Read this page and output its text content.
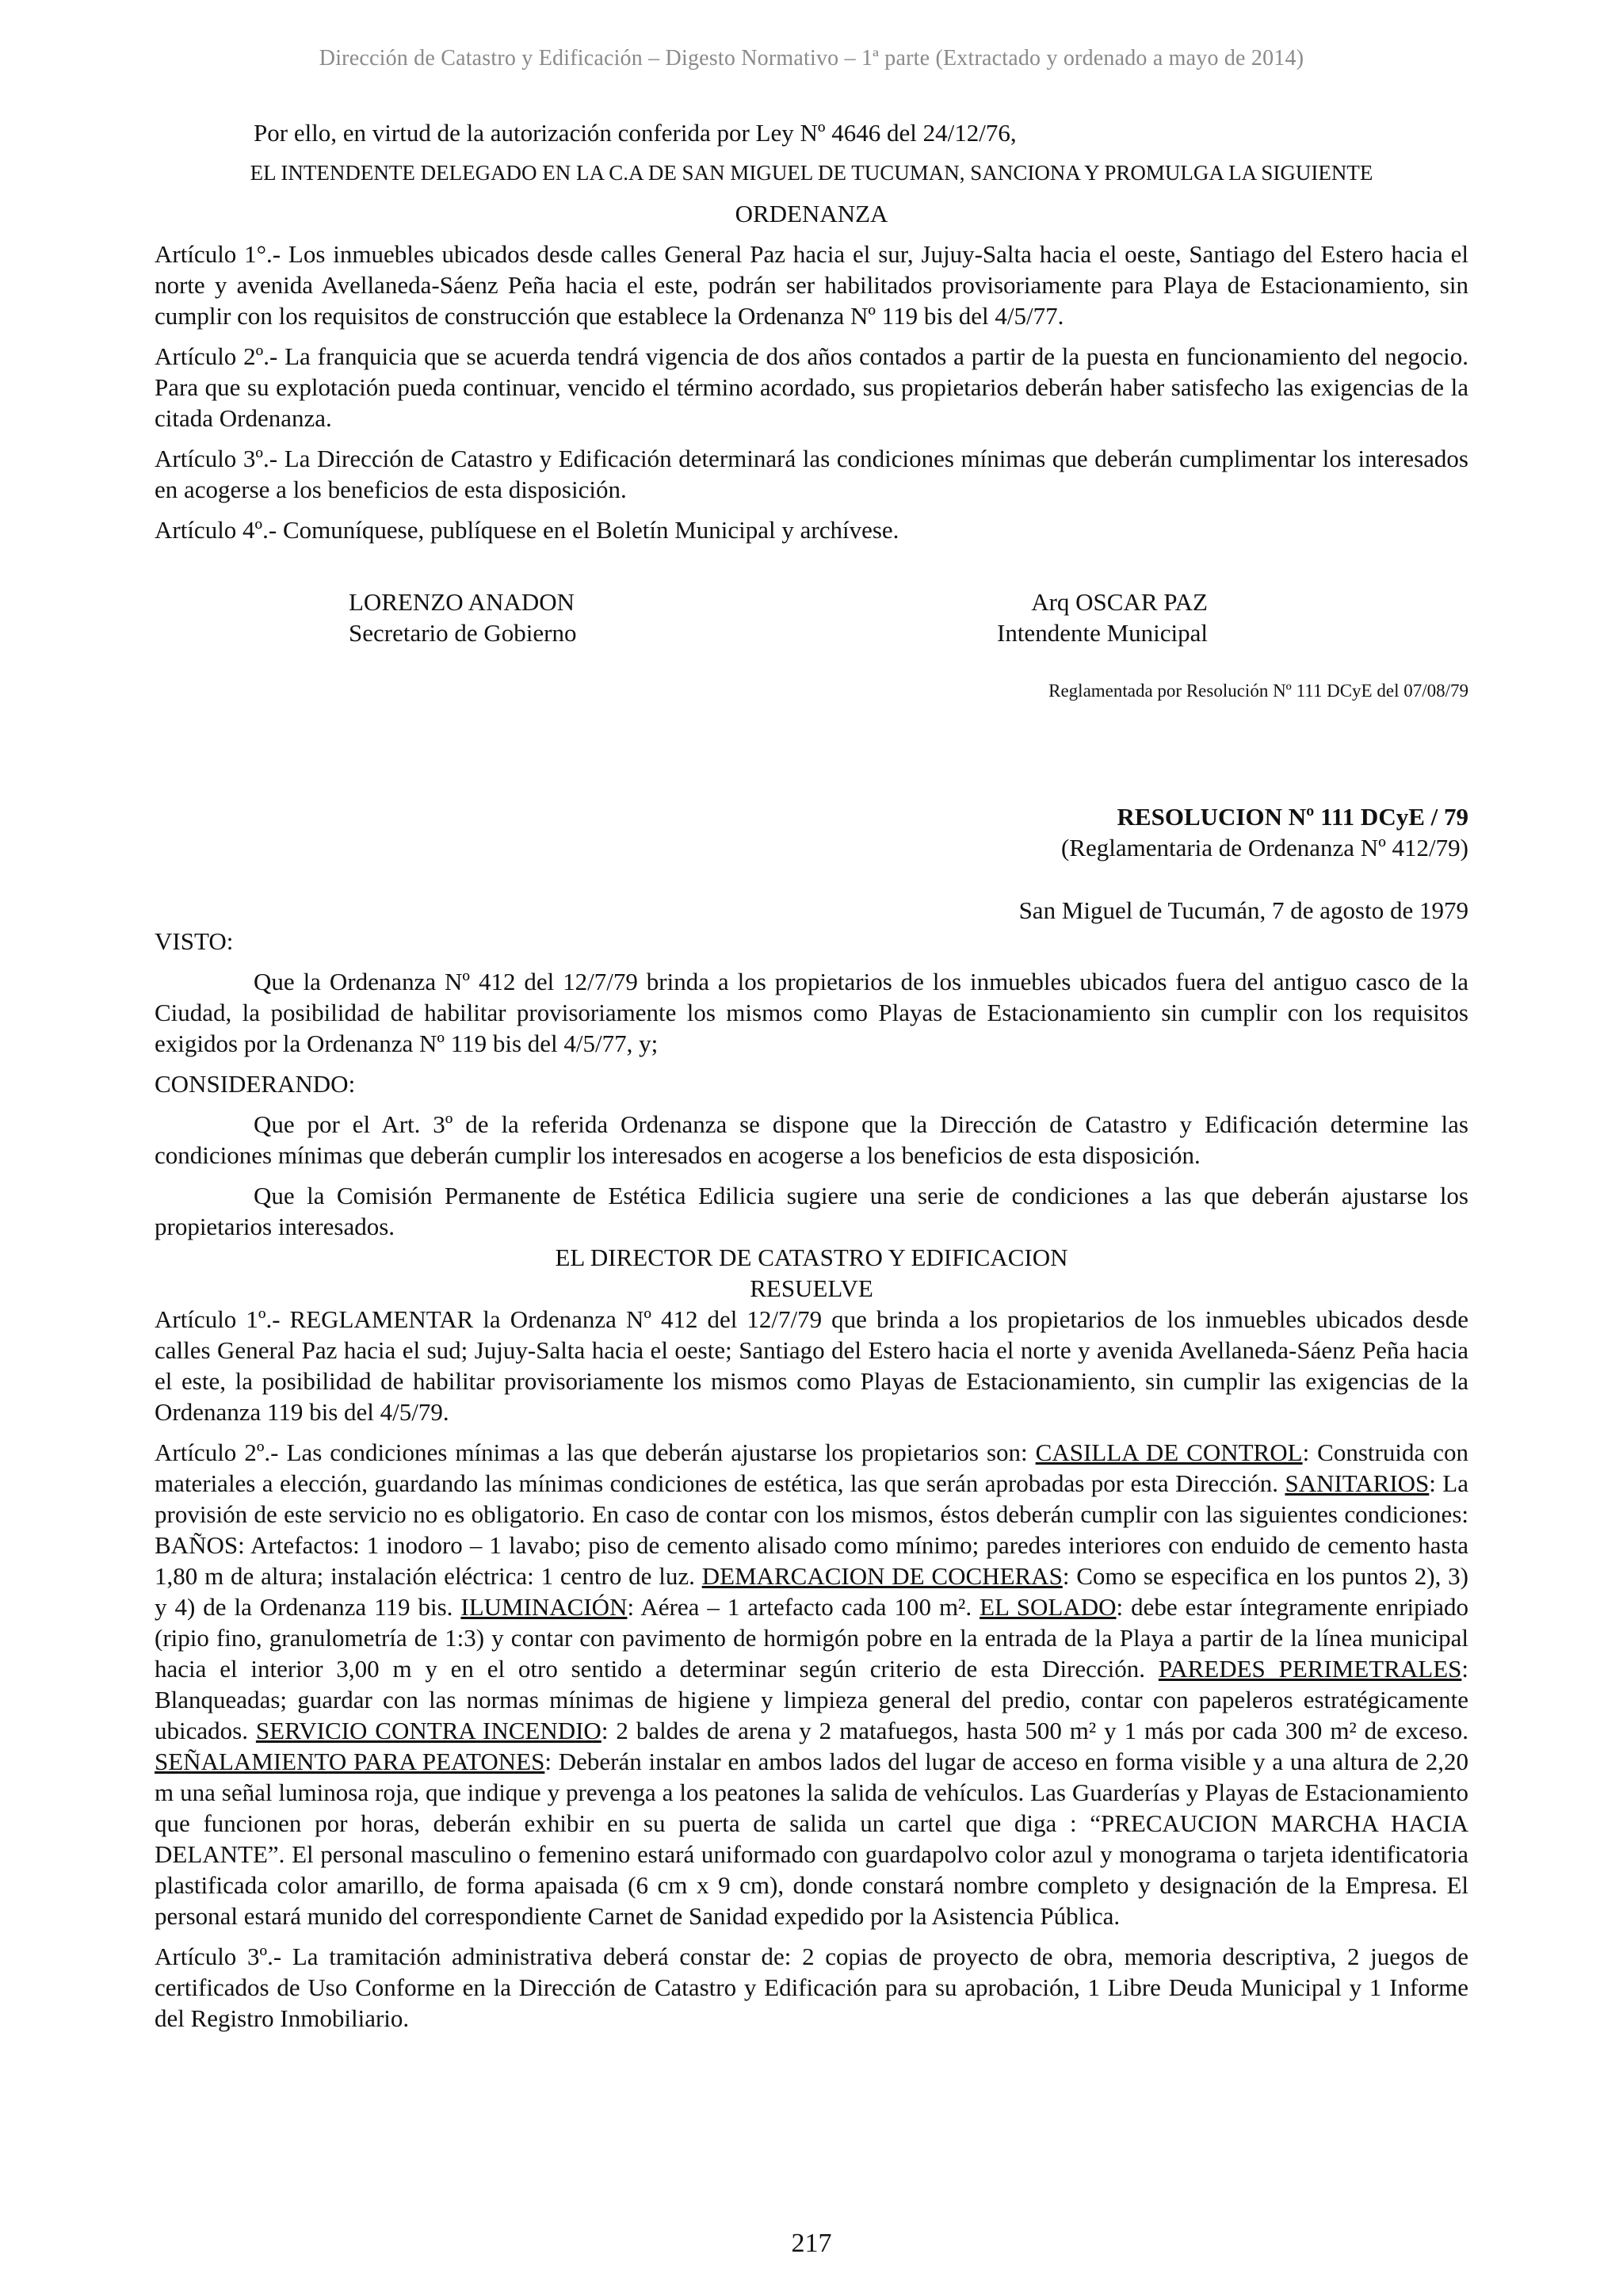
Dirección de Catastro y Edificación – Digesto Normativo – 1ª parte (Extractado y ordenado a mayo de 2014)

Por ello, en virtud de la autorización conferida por Ley Nº 4646 del 24/12/76,

EL INTENDENTE DELEGADO EN LA C.A DE SAN MIGUEL DE TUCUMAN, SANCIONA Y PROMULGA LA SIGUIENTE

ORDENANZA

Artículo 1°.- Los inmuebles ubicados desde calles General Paz hacia el sur, Jujuy-Salta hacia el oeste, Santiago del Estero hacia el norte y avenida Avellaneda-Sáenz Peña hacia el este, podrán ser habilitados provisoriamente para Playa de Estacionamiento, sin cumplir con los requisitos de construcción que establece la Ordenanza Nº 119 bis del 4/5/77.

Artículo 2º.- La franquicia que se acuerda tendrá vigencia de dos años contados a partir de la puesta en funcionamiento del negocio. Para que su explotación pueda continuar, vencido el término acordado, sus propietarios deberán haber satisfecho las exigencias de la citada Ordenanza.

Artículo 3º.- La Dirección de Catastro y Edificación determinará las condiciones mínimas que deberán cumplimentar los interesados en acogerse a los beneficios de esta disposición.

Artículo 4º.- Comuníquese, publíquese en el Boletín Municipal y archívese.

LORENZO ANADON
Secretario de Gobierno
Arq OSCAR PAZ
Intendente Municipal

Reglamentada por Resolución Nº 111 DCyE del 07/08/79

RESOLUCION Nº 111 DCyE / 79

(Reglamentaria de Ordenanza Nº 412/79)

San Miguel de Tucumán, 7 de agosto de 1979

VISTO:

Que la Ordenanza Nº 412 del 12/7/79 brinda a los propietarios de los inmuebles ubicados fuera del antiguo casco de la Ciudad, la posibilidad de habilitar provisoriamente los mismos como Playas de Estacionamiento sin cumplir con los requisitos exigidos por la Ordenanza Nº 119 bis del 4/5/77, y;

CONSIDERANDO:

Que por el Art. 3º de la referida Ordenanza se dispone que la Dirección de Catastro y Edificación determine las condiciones mínimas que deberán cumplir los interesados en acogerse a los beneficios de esta disposición.

Que la Comisión Permanente de Estética Edilicia sugiere una serie de condiciones a las que deberán ajustarse los propietarios interesados.

EL DIRECTOR DE CATASTRO Y EDIFICACION

RESUELVE

Artículo 1º.- REGLAMENTAR la Ordenanza Nº 412 del 12/7/79 que brinda a los propietarios de los inmuebles ubicados desde calles General Paz hacia el sud; Jujuy-Salta hacia el oeste; Santiago del Estero hacia el norte y avenida Avellaneda-Sáenz Peña hacia el este, la posibilidad de habilitar provisoriamente los mismos como Playas de Estacionamiento, sin cumplir las exigencias de la Ordenanza 119 bis del 4/5/79.

Artículo 2º.- Las condiciones mínimas a las que deberán ajustarse los propietarios son: CASILLA DE CONTROL: Construida con materiales a elección, guardando las mínimas condiciones de estética, las que serán aprobadas por esta Dirección. SANITARIOS: La provisión de este servicio no es obligatorio. En caso de contar con los mismos, éstos deberán cumplir con las siguientes condiciones: BAÑOS: Artefactos: 1 inodoro – 1 lavabo; piso de cemento alisado como mínimo; paredes interiores con enduido de cemento hasta 1,80 m de altura; instalación eléctrica: 1 centro de luz. DEMARCACION DE COCHERAS: Como se especifica en los puntos 2), 3) y 4) de la Ordenanza 119 bis. ILUMINACIÓN: Aérea – 1 artefacto cada 100 m². EL SOLADO: debe estar íntegramente enripiado (ripio fino, granulometría de 1:3) y contar con pavimento de hormigón pobre en la entrada de la Playa a partir de la línea municipal hacia el interior 3,00 m y en el otro sentido a determinar según criterio de esta Dirección. PAREDES PERIMETRALES: Blanqueadas; guardar con las normas mínimas de higiene y limpieza general del predio, contar con papeleros estratégicamente ubicados. SERVICIO CONTRA INCENDIO: 2 baldes de arena y 2 matafuegos, hasta 500 m² y 1 más por cada 300 m² de exceso. SEÑALAMIENTO PARA PEATONES: Deberán instalar en ambos lados del lugar de acceso en forma visible y a una altura de 2,20 m una señal luminosa roja, que indique y prevenga a los peatones la salida de vehículos. Las Guarderías y Playas de Estacionamiento que funcionen por horas, deberán exhibir en su puerta de salida un cartel que diga : “PRECAUCION MARCHA HACIA DELANTE”. El personal masculino o femenino estará uniformado con guardapolvo color azul y monograma o tarjeta identificatoria plastificada color amarillo, de forma apaisada (6 cm x 9 cm), donde constará nombre completo y designación de la Empresa. El personal estará munido del correspondiente Carnet de Sanidad expedido por la Asistencia Pública.

Artículo 3º.- La tramitación administrativa deberá constar de: 2 copias de proyecto de obra, memoria descriptiva, 2 juegos de certificados de Uso Conforme en la Dirección de Catastro y Edificación para su aprobación, 1 Libre Deuda Municipal y 1 Informe del Registro Inmobiliario.

217
